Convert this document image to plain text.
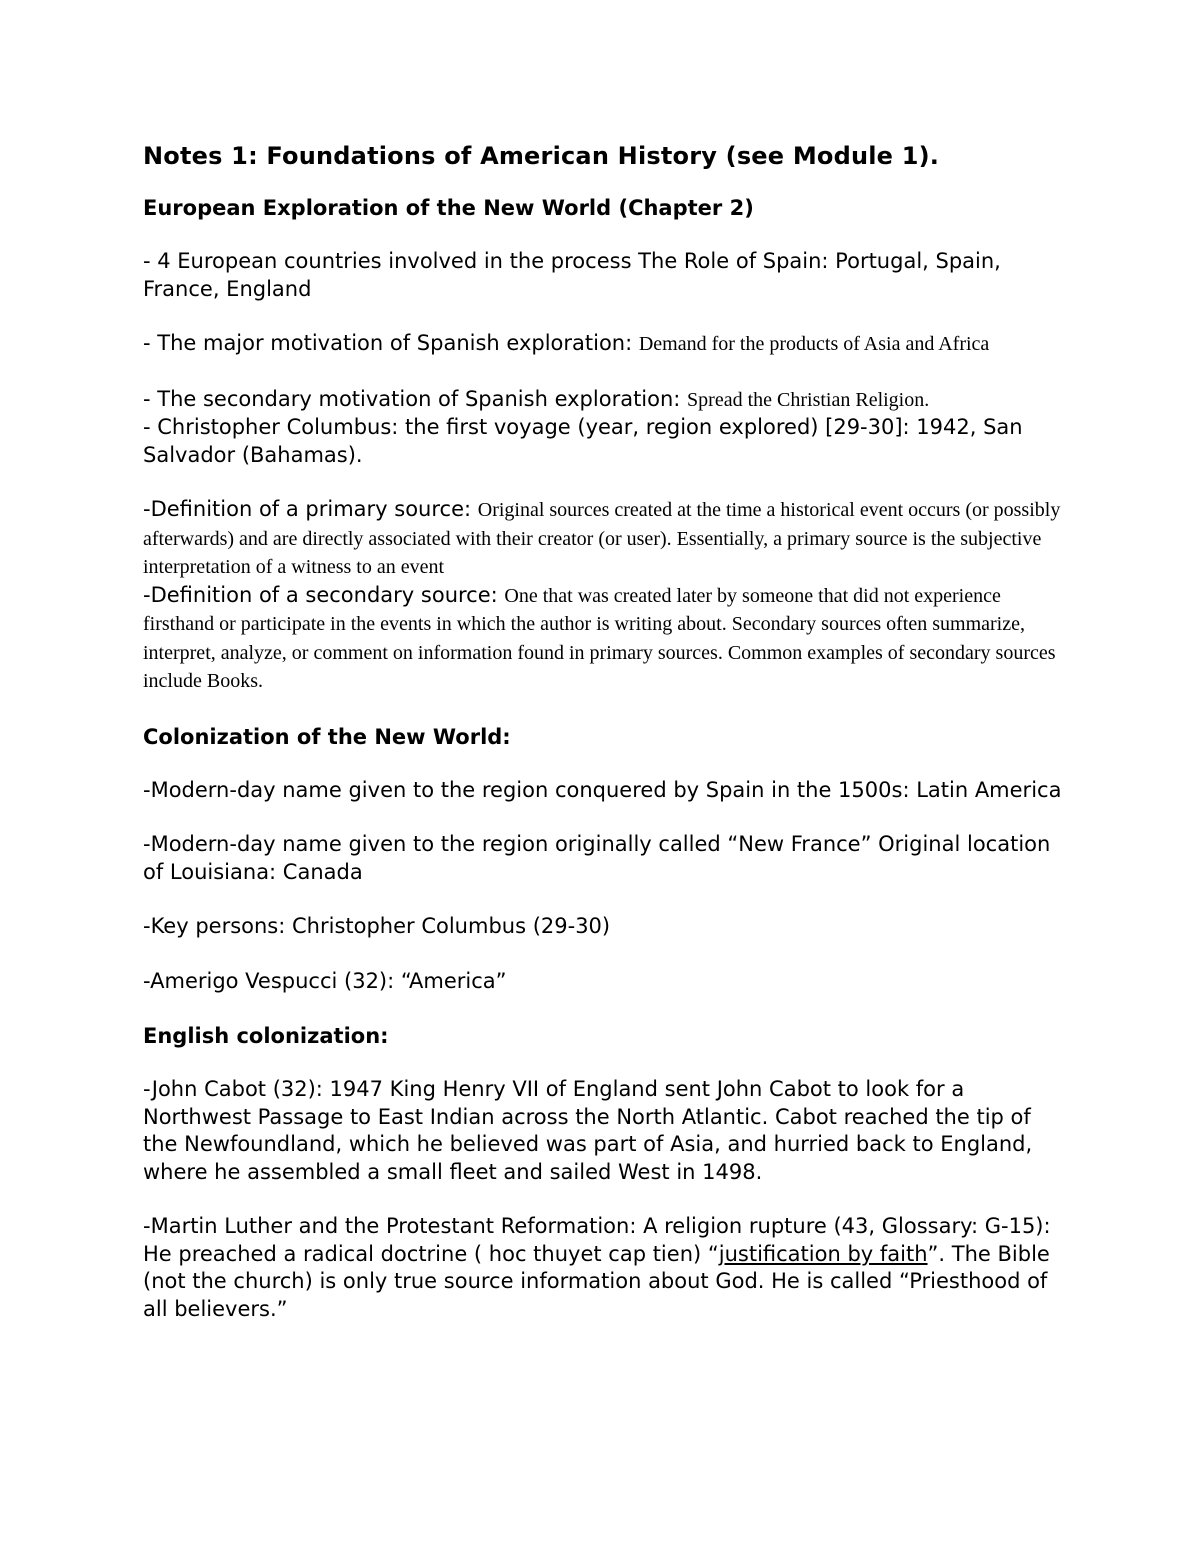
Notes 1: Foundations of American History (see Module 1).
European Exploration of the New World (Chapter 2)
- 4 European countries involved in the process The Role of Spain: Portugal, Spain, France, England
- The major motivation of Spanish exploration: Demand for the products of Asia and Africa
- The secondary motivation of Spanish exploration: Spread the Christian Religion.
- Christopher Columbus: the first voyage (year, region explored) [29-30]: 1942, San Salvador (Bahamas).
-Definition of a primary source: Original sources created at the time a historical event occurs (or possibly afterwards) and are directly associated with their creator (or user). Essentially, a primary source is the subjective interpretation of a witness to an event
-Definition of a secondary source: One that was created later by someone that did not experience firsthand or participate in the events in which the author is writing about. Secondary sources often summarize, interpret, analyze, or comment on information found in primary sources. Common examples of secondary sources include Books.
Colonization of the New World:
-Modern-day name given to the region conquered by Spain in the 1500s: Latin America
-Modern-day name given to the region originally called “New France” Original location of Louisiana: Canada
-Key persons: Christopher Columbus (29-30)
-Amerigo Vespucci (32): “America”
English colonization:
-John Cabot (32): 1947 King Henry VII of England sent John Cabot to look for a Northwest Passage to East Indian across the North Atlantic. Cabot reached the tip of the Newfoundland, which he believed was part of Asia, and hurried back to England, where he assembled a small fleet and sailed West in 1498.
-Martin Luther and the Protestant Reformation: A religion rupture (43, Glossary: G-15): He preached a radical doctrine ( hoc thuyet cap tien) “justification by faith”. The Bible (not the church) is only true source information about God. He is called “Priesthood of all believers.”
